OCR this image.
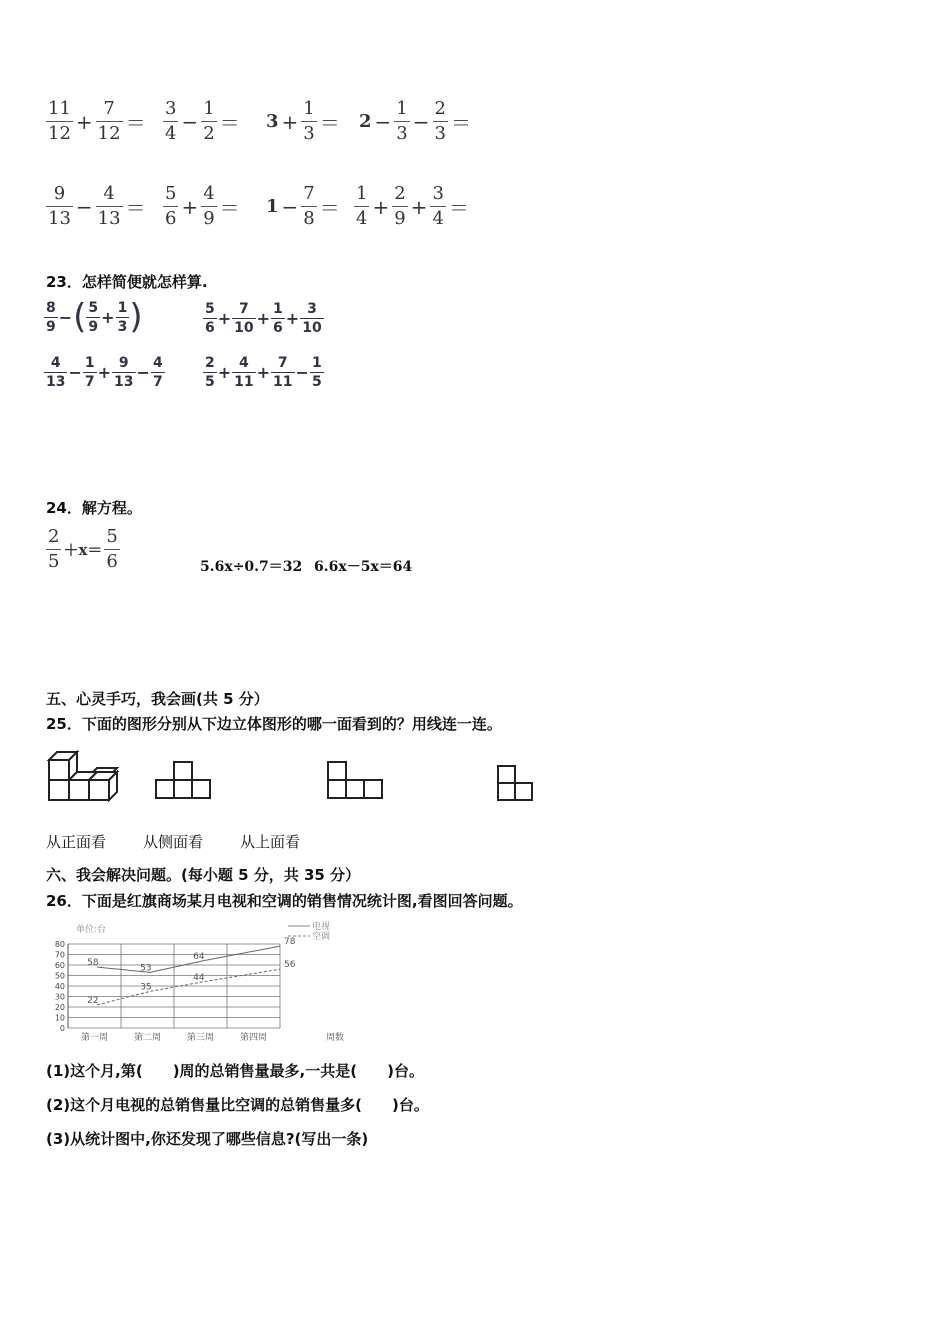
$\frac{11}{12} + \frac{7}{12} = \frac{3}{4} - \frac{1}{2} = 3 + \frac{1}{3} = 2 - \frac{1}{3} - \frac{2}{3}$ ＝
$\frac{9}{13} - \frac{4}{13} = \frac{5}{6} + \frac{4}{9} = 1 - \frac{7}{8} = \frac{1}{4} + \frac{2}{9} + \frac{3}{4}$ ＝
23．怎样简便就怎样算.
$\frac{8}{9}$ − ( $\frac{5}{9} + \frac{1}{3}$ )	$\frac{5}{6} + \frac{7}{10} + \frac{1}{6} + \frac{3}{10}$
$\frac{4}{13} - \frac{1}{7} + \frac{9}{13} - \frac{4}{7}$	$\frac{2}{5} + \frac{4}{11} + \frac{7}{11} - \frac{1}{5}$
24．解方程。
$\frac{2}{5} +x= \frac{5}{6}$	5.6x÷0.7＝32 6.6x－5x＝64
五、心灵手巧，我会画(共 5 分）
25．下面的图形分别从下边立体图形的哪一面看到的？用线连一连。
从正面看 从侧面看 从上面看
六、我会解决问题。(每小题 5 分，共 35 分）
26．下面是红旗商场某月电视和空调的销售情况统计图,看图回答问题。
单位:台	电视
空调
0
10
20
30
40
50
60
70
80
第一周	第二周	第三周	第四周
58
53
64
78
22
35
44
56
周数
(1)这个月,第(　　)周的总销售量最多,一共是(　　)台。
(2)这个月电视的总销售量比空调的总销售量多(　　)台。
(3)从统计图中,你还发现了哪些信息?(写出一条)
